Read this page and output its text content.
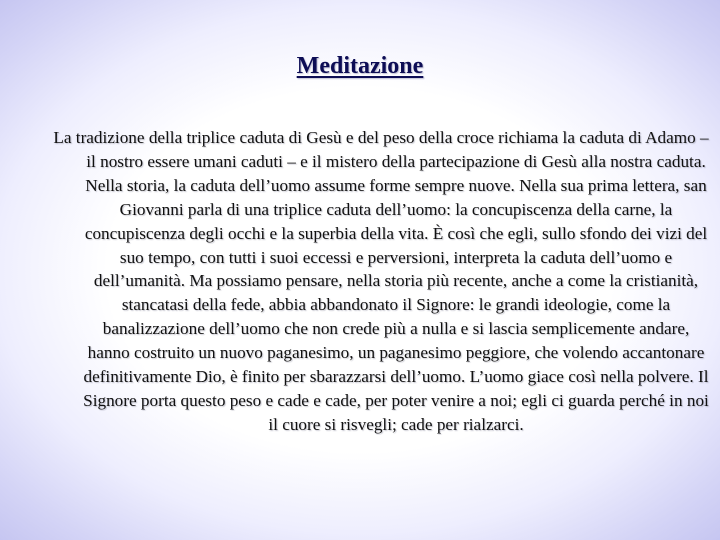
Meditazione

La tradizione della triplice caduta di Gesù e del peso della croce richiama la caduta di Adamo – il nostro essere umani caduti – e il mistero della partecipazione di Gesù alla nostra caduta. Nella storia, la caduta dell’uomo assume forme sempre nuove. Nella sua prima lettera, san Giovanni parla di una triplice caduta dell’uomo: la concupiscenza della carne, la concupiscenza degli occhi e la superbia della vita. È così che egli, sullo sfondo dei vizi del suo tempo, con tutti i suoi eccessi e perversioni, interpreta la caduta dell’uomo e dell’umanità. Ma possiamo pensare, nella storia più recente, anche a come la cristianità, stancatasi della fede, abbia abbandonato il Signore: le grandi ideologie, come la banalizzazione dell’uomo che non crede più a nulla e si lascia semplicemente andare, hanno costruito un nuovo paganesimo, un paganesimo peggiore, che volendo accantonare definitivamente Dio, è finito per sbarazzarsi dell’uomo. L’uomo giace così nella polvere. Il Signore porta questo peso e cade e cade, per poter venire a noi; egli ci guarda perché in noi il cuore si risvegli; cade per rialzarci.
